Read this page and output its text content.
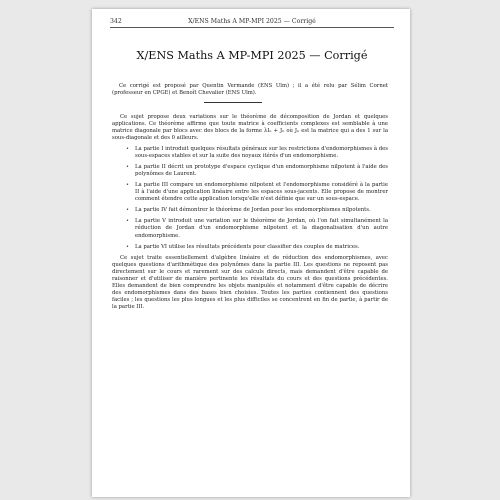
342	X/ENS Maths A MP-MPI 2025 — Corrigé
X/ENS Maths A MP-MPI 2025 — Corrigé

Ce corrigé est proposé par Quentin Vermande (ENS Ulm) ; il a été relu par Sélim Cornet (professeur en CPGE) et Benoît Chevalier (ENS Ulm).

Ce sujet propose deux variations sur le théorème de décomposition de Jordan et quelques applications. Ce théorème affirme que toute matrice à coefficients complexes est semblable à une matrice diagonale par blocs avec des blocs de la forme λIₙ + Jₙ où Jₙ est la matrice qui a des 1 sur la sous-diagonale et des 0 ailleurs.

• La partie I introduit quelques résultats généraux sur les restrictions d'endomorphismes à des sous-espaces stables et sur la suite des noyaux itérés d'un endomorphisme.
• La partie II décrit un prototype d'espace cyclique d'un endomorphisme nilpotent à l'aide des polynômes de Laurent.
• La partie III compare un endomorphisme nilpotent et l'endomorphisme considéré à la partie II à l'aide d'une application linéaire entre les espaces sous-jacents. Elle propose de montrer comment étendre cette application lorsqu'elle n'est définie que sur un sous-espace.
• La partie IV fait démontrer le théorème de Jordan pour les endomorphismes nilpotents.
• La partie V introduit une variation sur le théorème de Jordan, où l'on fait simultanément la réduction de Jordan d'un endomorphisme nilpotent et la diagonalisation d'un autre endomorphisme.
• La partie VI utilise les résultats précédents pour classifier des couples de matrices.

Ce sujet traite essentiellement d'algèbre linéaire et de réduction des endomorphismes, avec quelques questions d'arithmétique des polynômes dans la partie III. Les questions ne reposent pas directement sur le cours et rarement sur des calculs directs, mais demandent d'être capable de raisonner et d'utiliser de manière pertinente les résultats du cours et des questions précédentes. Elles demandent de bien comprendre les objets manipulés et notamment d'être capable de décrire des endomorphismes dans des bases bien choisies. Toutes les parties contiennent des questions faciles ; les questions les plus longues et les plus difficiles se concentrent en fin de partie, à partir de la partie III.
